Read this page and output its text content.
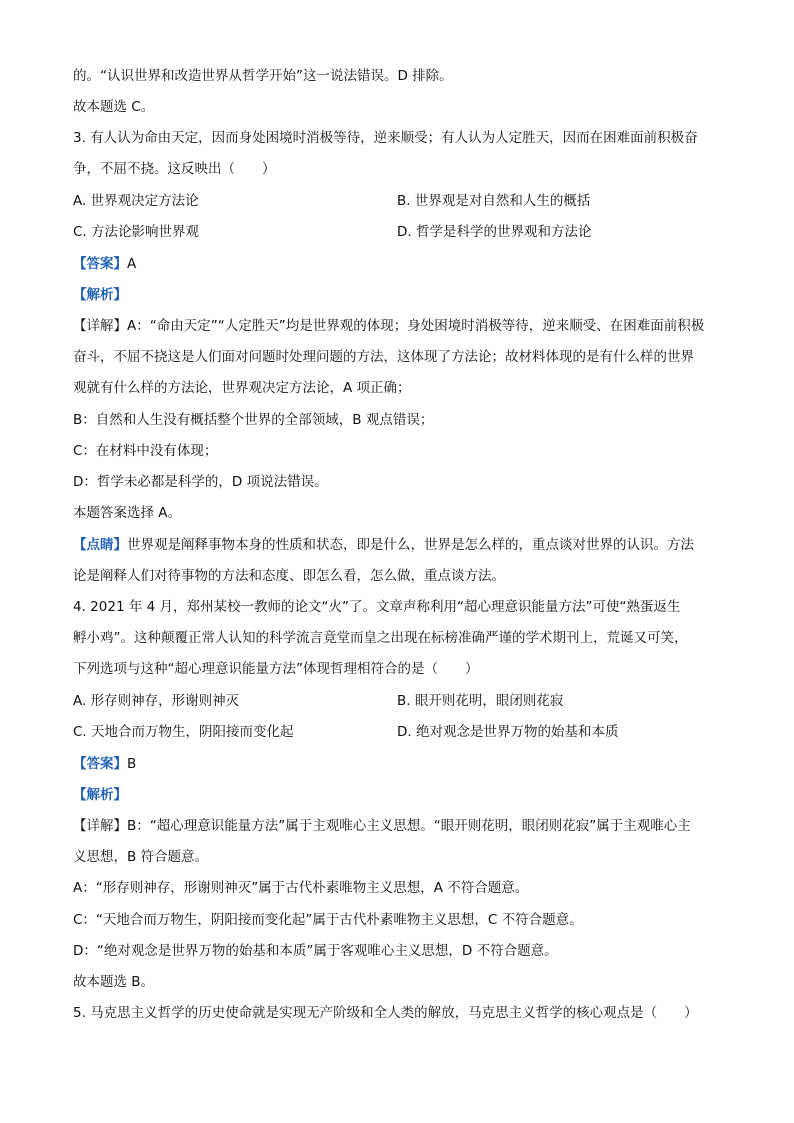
的。“认识世界和改造世界从哲学开始”这一说法错误。D 排除。
故本题选 C。
3. 有人认为命由天定，因而身处困境时消极等待，逆来顺受；有人认为人定胜天，因而在困难面前积极奋
争，不屈不挠。这反映出（　　）
A. 世界观决定方法论	B. 世界观是对自然和人生的概括
C. 方法论影响世界观	D. 哲学是科学的世界观和方法论
【答案】A
【解析】
【详解】A：“命由天定”“人定胜天”均是世界观的体现；身处困境时消极等待，逆来顺受、在困难面前积极
奋斗，不屈不挠这是人们面对问题时处理问题的方法，这体现了方法论；故材料体现的是有什么样的世界
观就有什么样的方法论，世界观决定方法论，A 项正确；
B：自然和人生没有概括整个世界的全部领域，B 观点错误；
C：在材料中没有体现；
D：哲学未必都是科学的，D 项说法错误。
本题答案选择 A。
【点睛】世界观是阐释事物本身的性质和状态，即是什么，世界是怎么样的，重点谈对世界的认识。方法
论是阐释人们对待事物的方法和态度、即怎么看，怎么做，重点谈方法。
4. 2021 年 4 月，郑州某校一教师的论文“火”了。文章声称利用“超心理意识能量方法”可使“熟蛋返生
孵小鸡”。这种颠覆正常人认知的科学流言竟堂而皇之出现在标榜准确严谨的学术期刊上，荒诞又可笑，
下列选项与这种“超心理意识能量方法”体现哲理相符合的是（　　）
A. 形存则神存，形谢则神灭	B. 眼开则花明，眼闭则花寂
C. 天地合而万物生，阴阳接而变化起	D. 绝对观念是世界万物的始基和本质
【答案】B
【解析】
【详解】B：“超心理意识能量方法”属于主观唯心主义思想。“眼开则花明，眼闭则花寂”属于主观唯心主
义思想，B 符合题意。
A：“形存则神存，形谢则神灭”属于古代朴素唯物主义思想，A 不符合题意。
C：“天地合而万物生，阴阳接而变化起”属于古代朴素唯物主义思想，C 不符合题意。
D：“绝对观念是世界万物的始基和本质”属于客观唯心主义思想，D 不符合题意。
故本题选 B。
5. 马克思主义哲学的历史使命就是实现无产阶级和全人类的解放，马克思主义哲学的核心观点是（　　）
